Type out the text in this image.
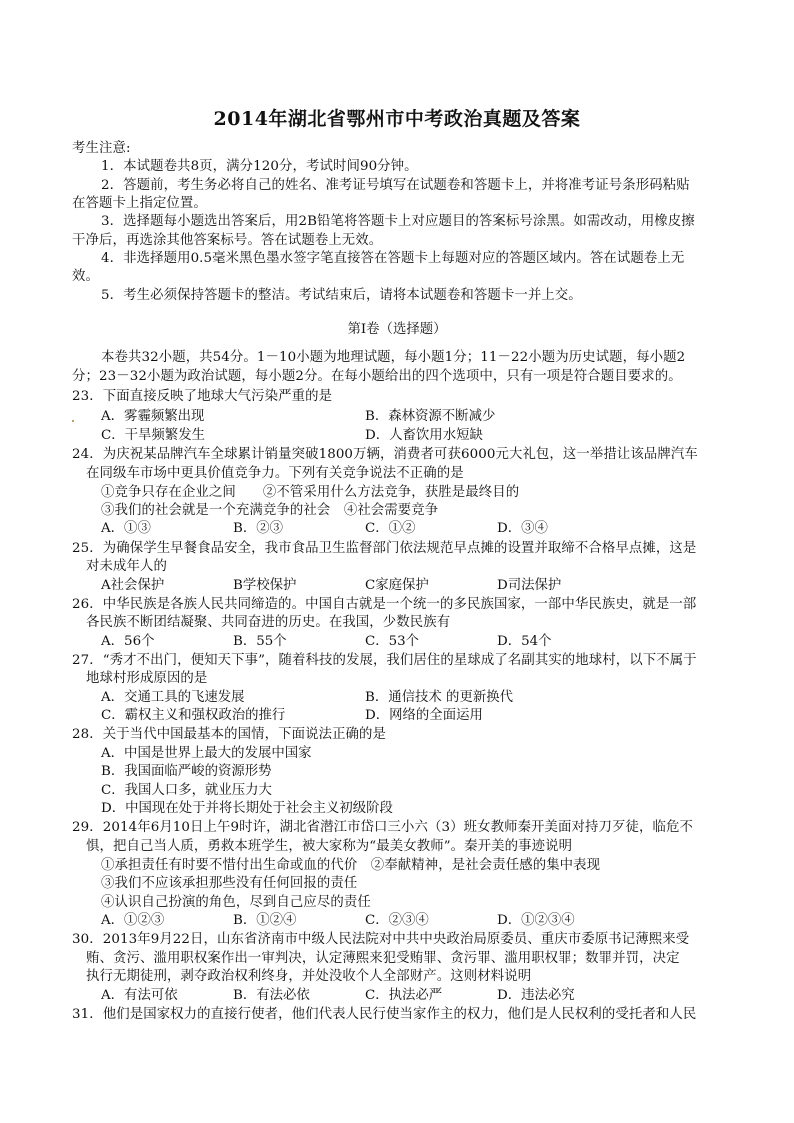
2014年湖北省鄂州市中考政治真题及答案
考生注意:
1．本试题卷共8页，满分120分，考试时间90分钟。
2．答题前，考生务必将自己的姓名、准考证号填写在试题卷和答题卡上，并将准考证号条形码粘贴
在答题卡上指定位置。
3．选择题每小题选出答案后，用2B铅笔将答题卡上对应题目的答案标号涂黑。如需改动，用橡皮擦
干净后，再选涂其他答案标号。答在试题卷上无效。
4．非选择题用0.5毫米黑色墨水签字笔直接答在答题卡上每题对应的答题区域内。答在试题卷上无
效。
5．考生必须保持答题卡的整洁。考试结束后，请将本试题卷和答题卡一并上交。
第Ⅰ卷（选择题）
本卷共32小题，共54分。1－10小题为地理试题，每小题1分；11－22小题为历史试题，每小题2
分；23－32小题为政治试题，每小题2分。在每小题给出的四个选项中，只有一项是符合题目要求的。
23．下面直接反映了地球大气污染严重的是
A．雾霾频繁出现	B．森林资源不断减少
C．干旱频繁发生	D．人畜饮用水短缺
24．为庆祝某品牌汽车全球累计销量突破1800万辆，消费者可获6000元大礼包，这一举措让该品牌汽车
在同级车市场中更具价值竞争力。下列有关竞争说法不正确的是
①竞争只存在企业之间　　②不管采用什么方法竞争，获胜是最终目的
③我们的社会就是一个充满竞争的社会　④社会需要竞争
A．①③	B．②③	C．①②	D．③④
25．为确保学生早餐食品安全，我市食品卫生监督部门依法规范早点摊的设置并取缔不合格早点摊，这是
对未成年人的
A社会保护	B学校保护	C家庭保护	D司法保护
26．中华民族是各族人民共同缔造的。中国自古就是一个统一的多民族国家，一部中华民族史，就是一部
各民族不断团结凝聚、共同奋进的历史。在我国，少数民族有
A．56个	B．55个	C．53个	D．54个
27．“秀才不出门，便知天下事”，随着科技的发展，我们居住的星球成了名副其实的地球村，以下不属于
地球村形成原因的是
A．交通工具的飞速发展	B．通信技术 的更新换代
C．霸权主义和强权政治的推行	D．网络的全面运用
28．关于当代中国最基本的国情，下面说法正确的是
A．中国是世界上最大的发展中国家
B．我国面临严峻的资源形势
C．我国人口多，就业压力大
D．中国现在处于并将长期处于社会主义初级阶段
29．2014年6月10日上午9时许，湖北省潜江市岱口三小六（3）班女教师秦开美面对持刀歹徒，临危不
惧，把自己当人质，勇救本班学生，被大家称为“最美女教师”。秦开美的事迹说明
①承担责任有时要不惜付出生命或血的代价　②奉献精神，是社会责任感的集中表现
③我们不应该承担那些没有任何回报的责任
④认识自己扮演的角色，尽到自己应尽的责任
A．①②③	B．①②④	C．②③④	D．①②③④
30．2013年9月22日，山东省济南市中级人民法院对中共中央政治局原委员、重庆市委原书记薄熙来受
贿、贪污、滥用职权案作出一审判决，认定薄熙来犯受贿罪、贪污罪、滥用职权罪；数罪并罚，决定
执行无期徒刑，剥夺政治权利终身，并处没收个人全部财产。这则材料说明
A．有法可依	B．有法必依	C．执法必严	D．违法必究
31．他们是国家权力的直接行使者，他们代表人民行使当家作主的权力，他们是人民权利的受托者和人民
